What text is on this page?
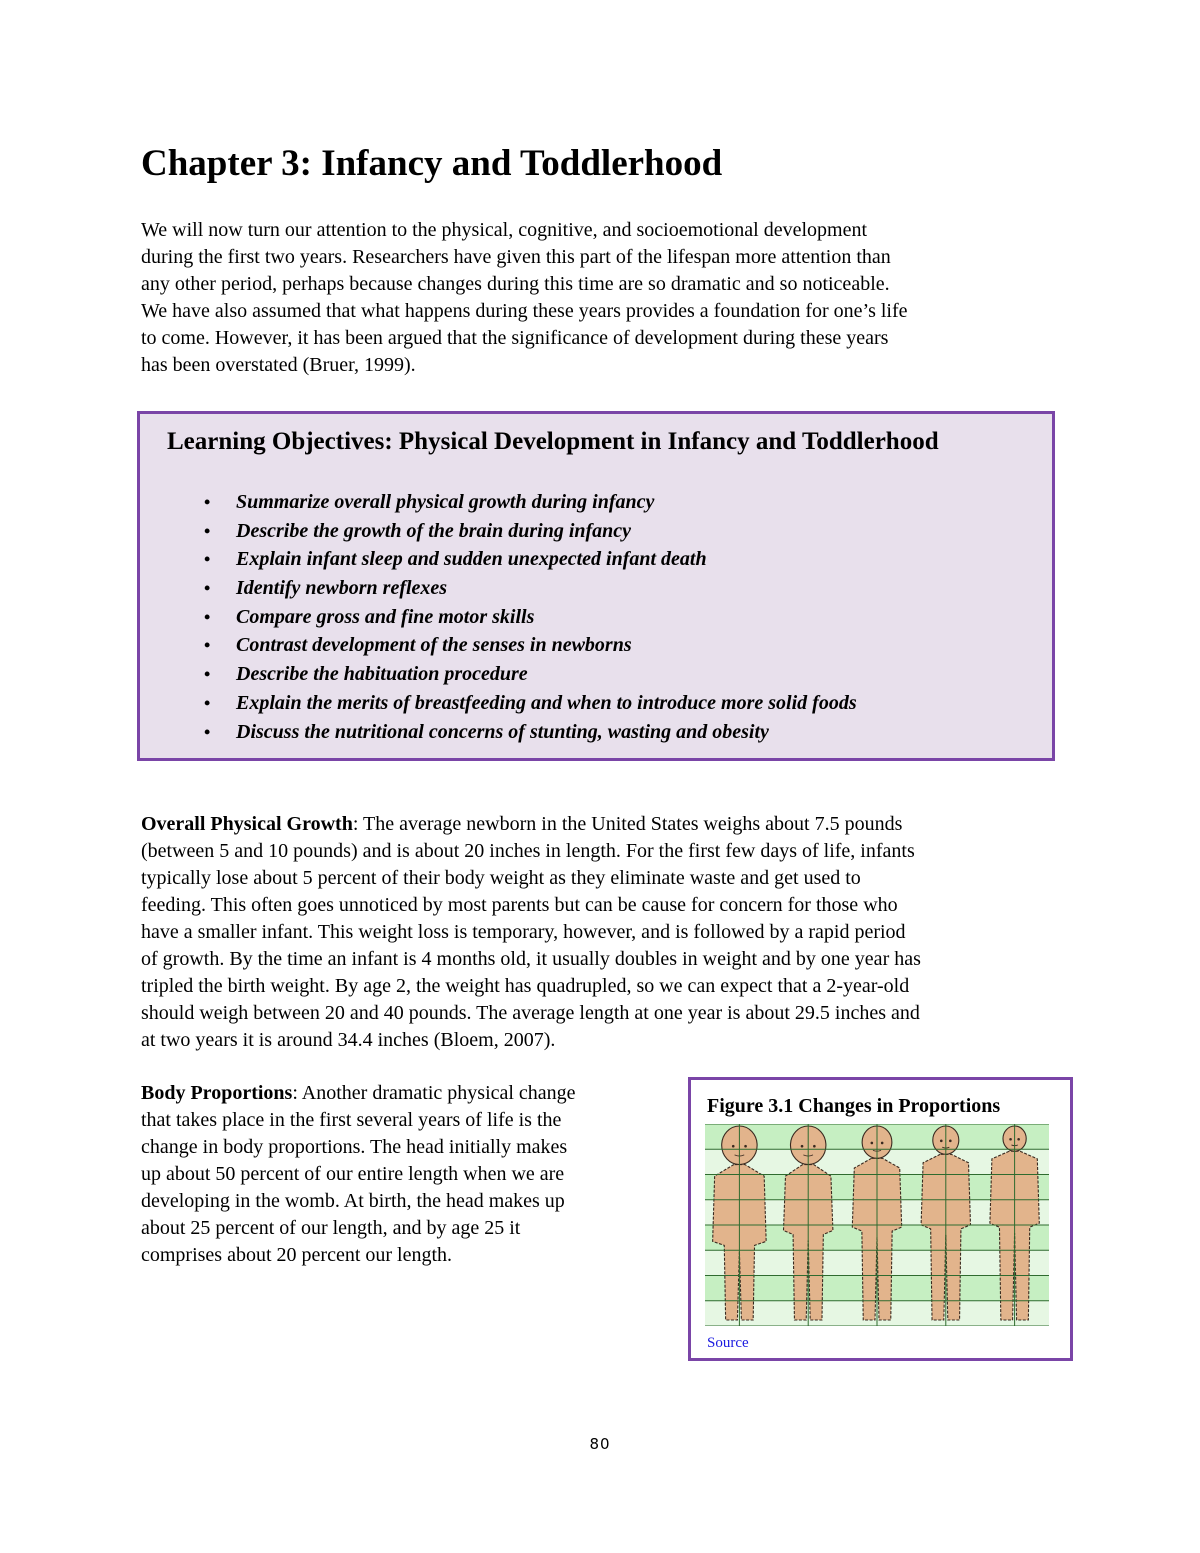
Chapter 3: Infancy and Toddlerhood
We will now turn our attention to the physical, cognitive, and socioemotional development
during the first two years. Researchers have given this part of the lifespan more attention than
any other period, perhaps because changes during this time are so dramatic and so noticeable.
We have also assumed that what happens during these years provides a foundation for one’s life
to come. However, it has been argued that the significance of development during these years
has been overstated (Bruer, 1999).
Learning Objectives: Physical Development in Infancy and Toddlerhood
• Summarize overall physical growth during infancy
• Describe the growth of the brain during infancy
• Explain infant sleep and sudden unexpected infant death
• Identify newborn reflexes
• Compare gross and fine motor skills
• Contrast development of the senses in newborns
• Describe the habituation procedure
• Explain the merits of breastfeeding and when to introduce more solid foods
• Discuss the nutritional concerns of stunting, wasting and obesity
Overall Physical Growth: The average newborn in the United States weighs about 7.5 pounds
(between 5 and 10 pounds) and is about 20 inches in length. For the first few days of life, infants
typically lose about 5 percent of their body weight as they eliminate waste and get used to
feeding. This often goes unnoticed by most parents but can be cause for concern for those who
have a smaller infant. This weight loss is temporary, however, and is followed by a rapid period
of growth. By the time an infant is 4 months old, it usually doubles in weight and by one year has
tripled the birth weight. By age 2, the weight has quadrupled, so we can expect that a 2-year-old
should weigh between 20 and 40 pounds. The average length at one year is about 29.5 inches and
at two years it is around 34.4 inches (Bloem, 2007).
Body Proportions: Another dramatic physical change
that takes place in the first several years of life is the
change in body proportions. The head initially makes
up about 50 percent of our entire length when we are
developing in the womb. At birth, the head makes up
about 25 percent of our length, and by age 25 it
comprises about 20 percent our length.
Figure 3.1 Changes in Proportions
Source
80
